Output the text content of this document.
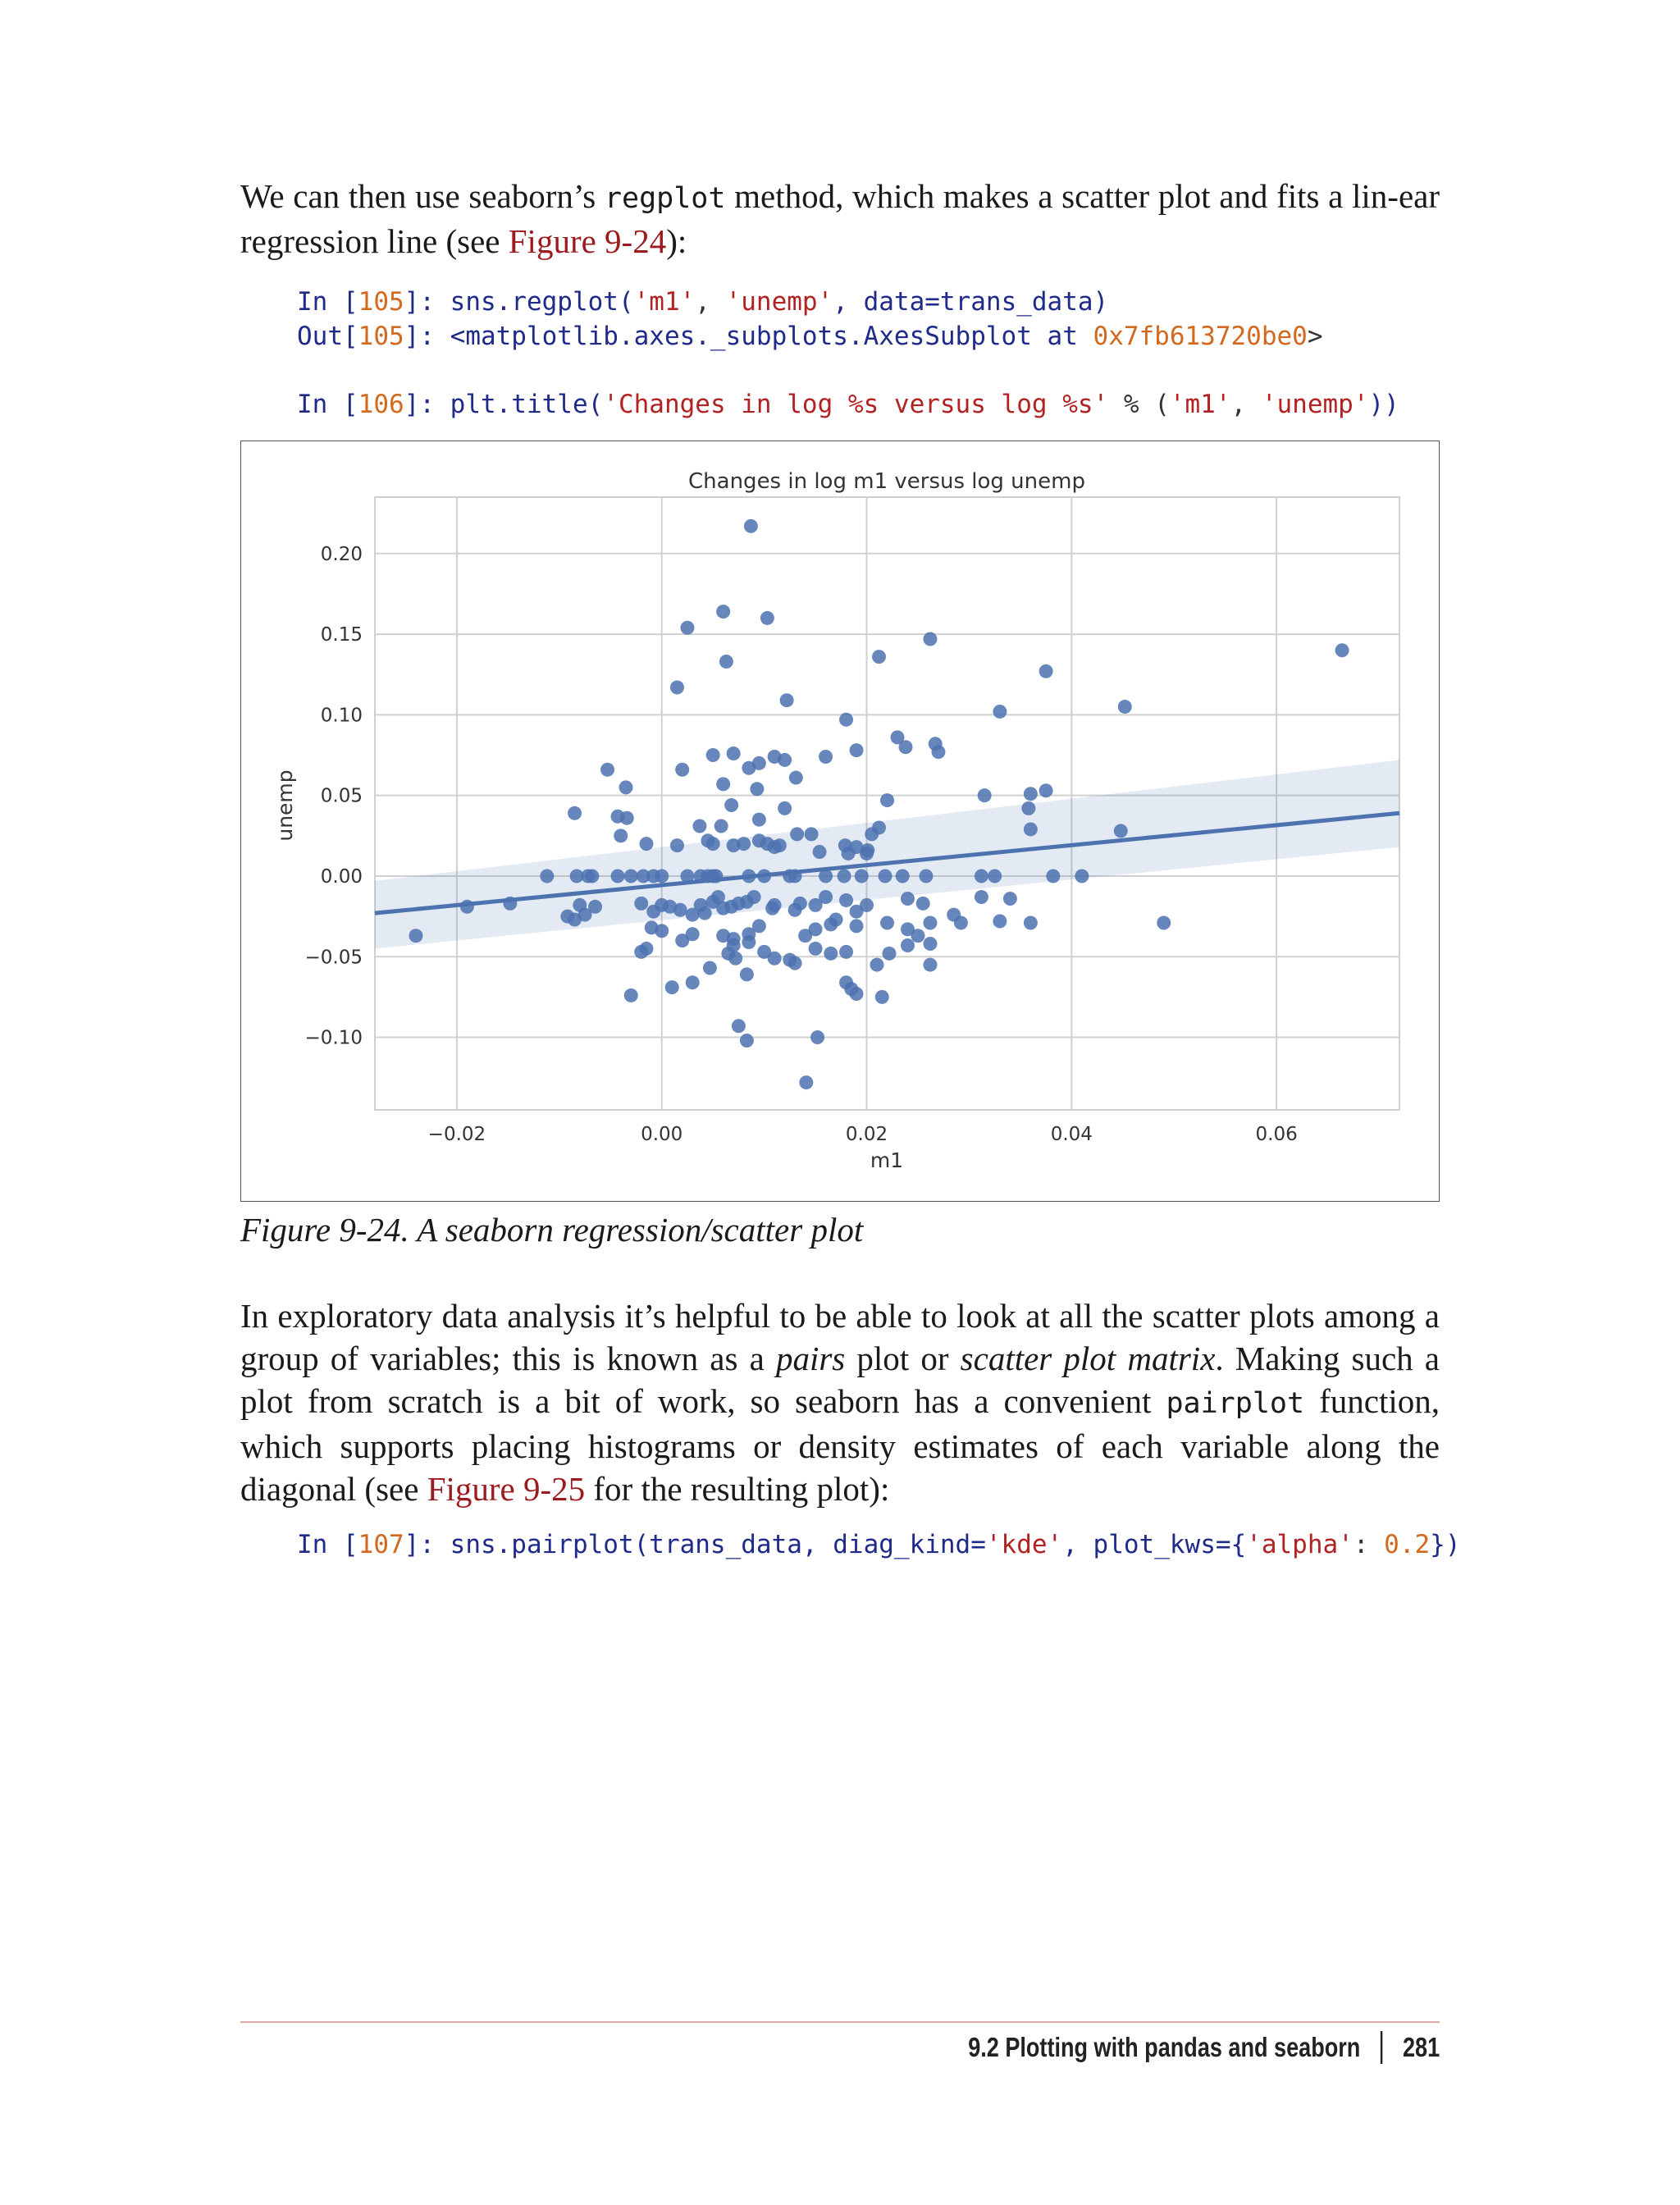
We can then use seaborn’s regplot method, which makes a scatter plot and fits a lin-ear regression line (see Figure 9-24):

In [105]: sns.regplot('m1', 'unemp', data=trans_data)
Out[105]: <matplotlib.axes._subplots.AxesSubplot at 0x7fb613720be0>
In [106]: plt.title('Changes in log %s versus log %s' % ('m1', 'unemp'))
−0.02	0.00	0.02	0.04	0.06
−0.10
−0.05
0.00
0.05
0.10
0.15
0.20
Changes in log m1 versus log unemp
m1
unemp

Figure 9-24. A seaborn regression/scatter plot

In exploratory data analysis it’s helpful to be able to look at all the scatter plots among a group of variables; this is known as a pairs plot or scatter plot matrix. Making such a plot from scratch is a bit of work, so seaborn has a convenient pairplot function, which supports placing histograms or density estimates of each variable along the diagonal (see Figure 9-25 for the resulting plot):

In [107]: sns.pairplot(trans_data, diag_kind='kde', plot_kws={'alpha': 0.2})
9.2 Plotting with pandas and seaborn 281
